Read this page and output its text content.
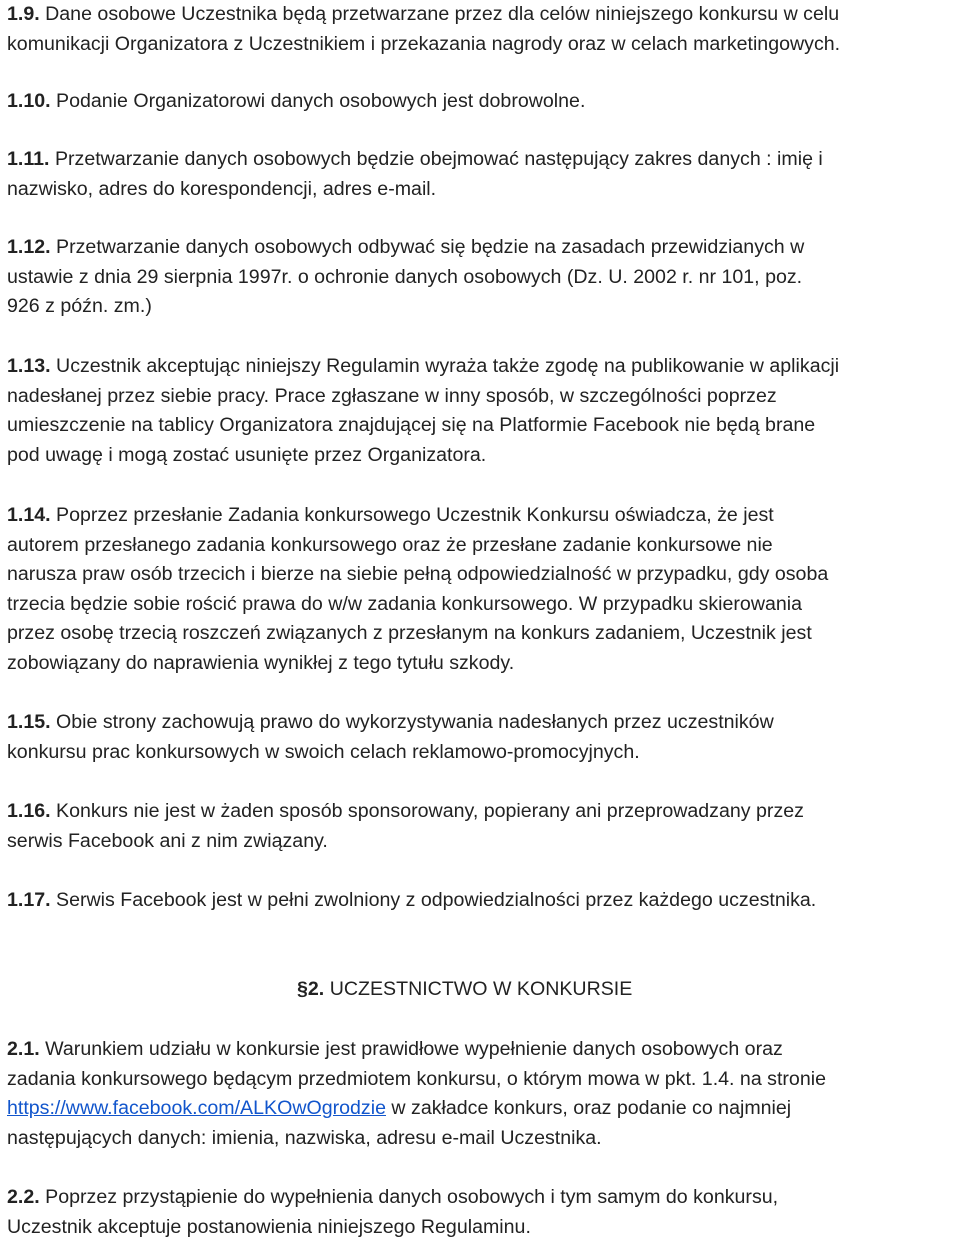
1.9. Dane osobowe Uczestnika będą przetwarzane przez dla celów niniejszego konkursu w celu
komunikacji Organizatora z Uczestnikiem i przekazania nagrody oraz w celach marketingowych.
1.10. Podanie Organizatorowi danych osobowych jest dobrowolne.
1.11. Przetwarzanie danych osobowych będzie obejmować następujący zakres danych : imię i
nazwisko, adres do korespondencji, adres e-mail.
1.12. Przetwarzanie danych osobowych odbywać się będzie na zasadach przewidzianych w
ustawie z dnia 29 sierpnia 1997r. o ochronie danych osobowych (Dz. U. 2002 r. nr 101, poz.
926 z późn. zm.)
1.13. Uczestnik akceptując niniejszy Regulamin wyraża także zgodę na publikowanie w aplikacji
nadesłanej przez siebie pracy. Prace zgłaszane w inny sposób, w szczególności poprzez
umieszczenie na tablicy Organizatora znajdującej się na Platformie Facebook nie będą brane
pod uwagę i mogą zostać usunięte przez Organizatora.
1.14. Poprzez przesłanie Zadania konkursowego Uczestnik Konkursu oświadcza, że jest
autorem przesłanego zadania konkursowego oraz że przesłane zadanie konkursowe nie
narusza praw osób trzecich i bierze na siebie pełną odpowiedzialność w przypadku, gdy osoba
trzecia będzie sobie rościć prawa do w/w zadania konkursowego. W przypadku skierowania
przez osobę trzecią roszczeń związanych z przesłanym na konkurs zadaniem, Uczestnik jest
zobowiązany do naprawienia wynikłej z tego tytułu szkody.
1.15. Obie strony zachowują prawo do wykorzystywania nadesłanych przez uczestników
konkursu prac konkursowych w swoich celach reklamowo-promocyjnych.
1.16. Konkurs nie jest w żaden sposób sponsorowany, popierany ani przeprowadzany przez
serwis Facebook ani z nim związany.
1.17. Serwis Facebook jest w pełni zwolniony z odpowiedzialności przez każdego uczestnika.
§2. UCZESTNICTWO W KONKURSIE
2.1. Warunkiem udziału w konkursie jest prawidłowe wypełnienie danych osobowych oraz
zadania konkursowego będącym przedmiotem konkursu, o którym mowa w pkt. 1.4. na stronie
https://www.facebook.com/ALKOwOgrodzie w zakładce konkurs, oraz podanie co najmniej
następujących danych: imienia, nazwiska, adresu e-mail Uczestnika.
2.2. Poprzez przystąpienie do wypełnienia danych osobowych i tym samym do konkursu,
Uczestnik akceptuje postanowienia niniejszego Regulaminu.
